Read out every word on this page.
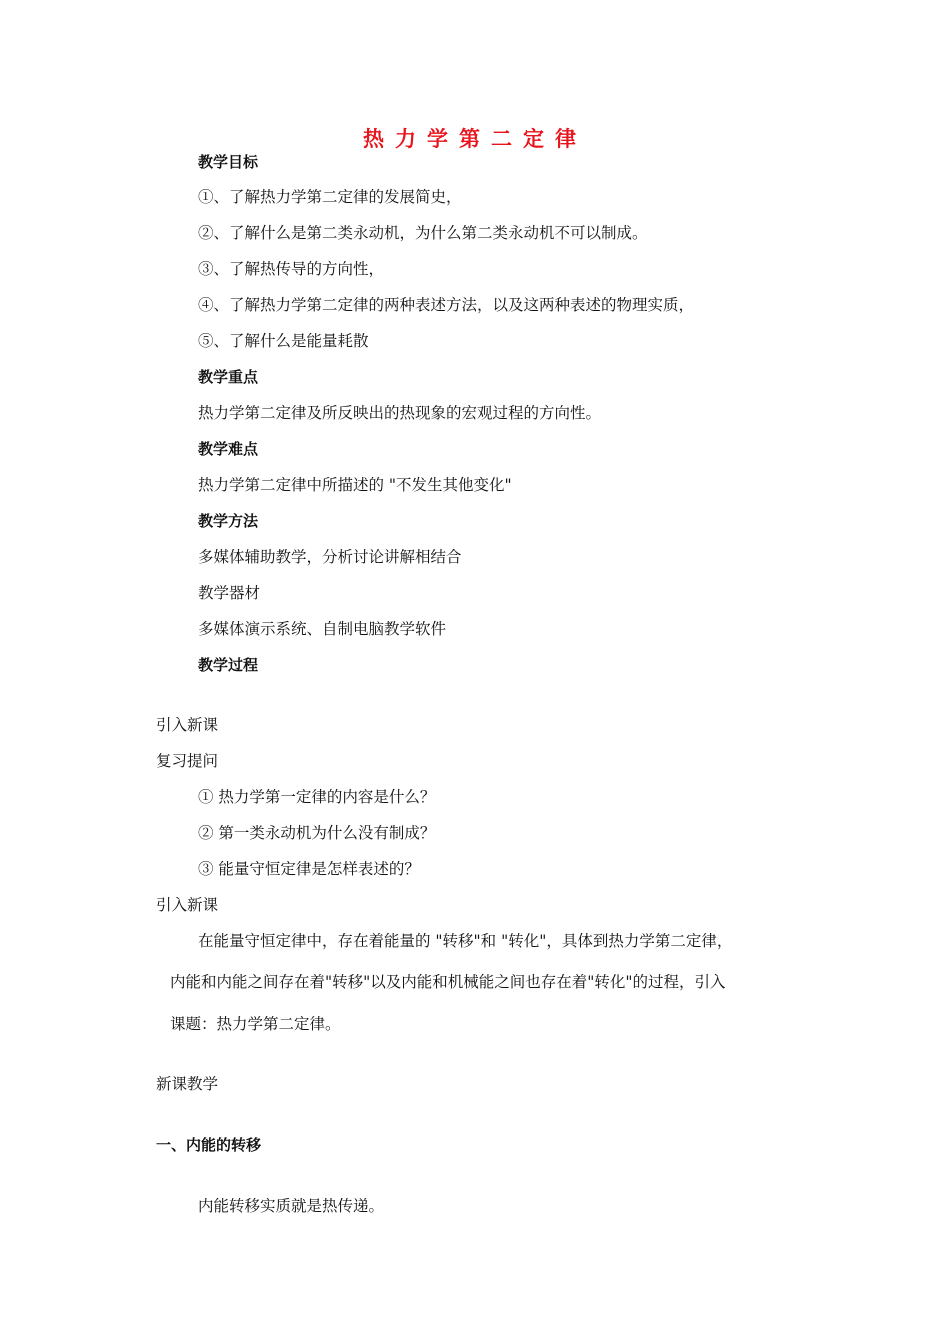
热力学第二定律
教学目标
①、了解热力学第二定律的发展简史，
②、了解什么是第二类永动机，为什么第二类永动机不可以制成。
③、了解热传导的方向性，
④、了解热力学第二定律的两种表述方法，以及这两种表述的物理实质，
⑤、了解什么是能量耗散
教学重点
热力学第二定律及所反映出的热现象的宏观过程的方向性。
教学难点
热力学第二定律中所描述的 "不发生其他变化"
教学方法
多媒体辅助教学，分析讨论讲解相结合
教学器材
多媒体演示系统、自制电脑教学软件
教学过程
引入新课
复习提问
① 热力学第一定律的内容是什么？
② 第一类永动机为什么没有制成？
③ 能量守恒定律是怎样表述的？
引入新课
在能量守恒定律中，存在着能量的 "转移"和 "转化"，具体到热力学第二定律，
内能和内能之间存在着"转移"以及内能和机械能之间也存在着"转化"的过程，引入
课题：热力学第二定律。
新课教学
一、内能的转移
内能转移实质就是热传递。
